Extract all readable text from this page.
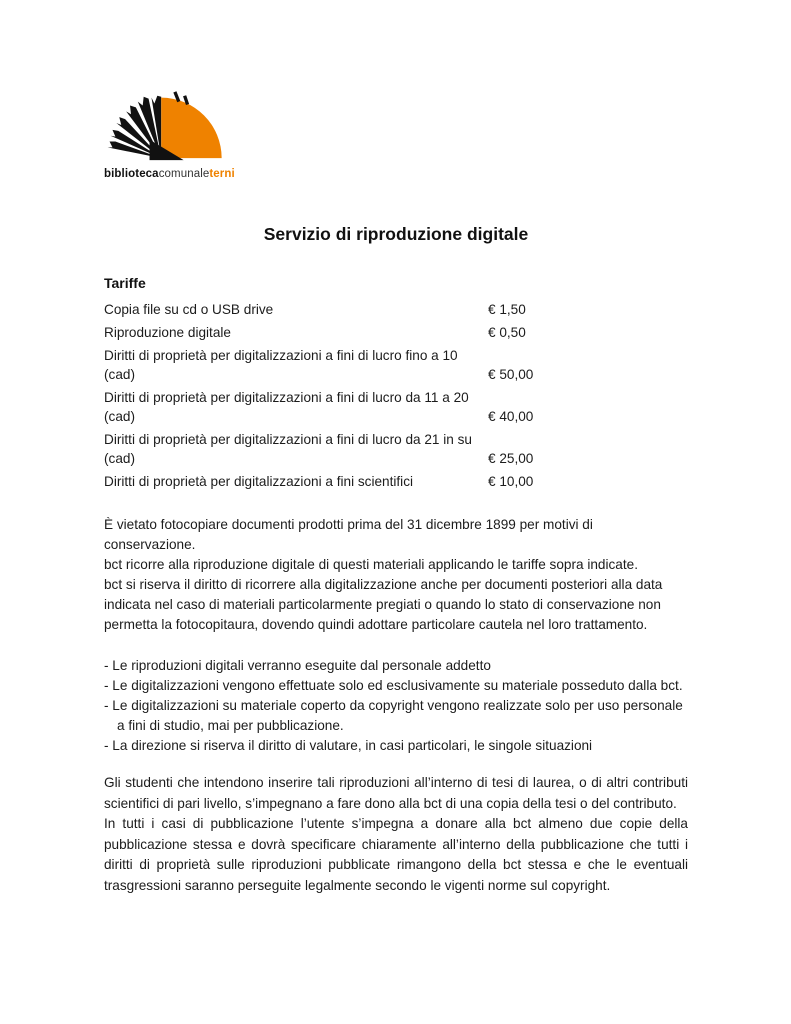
bibliotecacomunaleterni
Servizio di riproduzione digitale
Tariffe
Copia file su cd o USB drive	€ 1,50
Riproduzione digitale	€ 0,50
Diritti di proprietà per digitalizzazioni a fini di lucro fino a 10 (cad)	€ 50,00
Diritti di proprietà per digitalizzazioni a fini di lucro da 11 a 20 (cad)	€ 40,00
Diritti di proprietà per digitalizzazioni a fini di lucro da 21 in su (cad)	€ 25,00
Diritti di proprietà per digitalizzazioni a fini scientifici	€ 10,00

È vietato fotocopiare documenti prodotti prima del 31 dicembre 1899 per motivi di conservazione.

bct ricorre alla riproduzione digitale di questi materiali applicando le tariffe sopra indicate.

bct si riserva il diritto di ricorrere alla digitalizzazione anche per documenti posteriori alla data indicata nel caso di materiali particolarmente pregiati o quando lo stato di conservazione non permetta la fotocopitaura, dovendo quindi adottare particolare cautela nel loro trattamento.

- Le riproduzioni digitali verranno eseguite dal personale addetto
- Le digitalizzazioni vengono effettuate solo ed esclusivamente su materiale posseduto dalla bct.
- Le digitalizzazioni su materiale coperto da copyright vengono realizzate solo per uso personale a fini di studio, mai per pubblicazione.
- La direzione si riserva il diritto di valutare, in casi particolari, le singole situazioni

Gli studenti che intendono inserire tali riproduzioni all’interno di tesi di laurea, o di altri contributi scientifici di pari livello, s’impegnano a fare dono alla bct di una copia della tesi o del contributo.

In tutti i casi di pubblicazione l’utente s’impegna a donare alla bct almeno due copie della pubblicazione stessa e dovrà specificare chiaramente all’interno della pubblicazione che tutti i diritti di proprietà sulle riproduzioni pubblicate rimangono della bct stessa e che le eventuali trasgressioni saranno perseguite legalmente secondo le vigenti norme sul copyright.
